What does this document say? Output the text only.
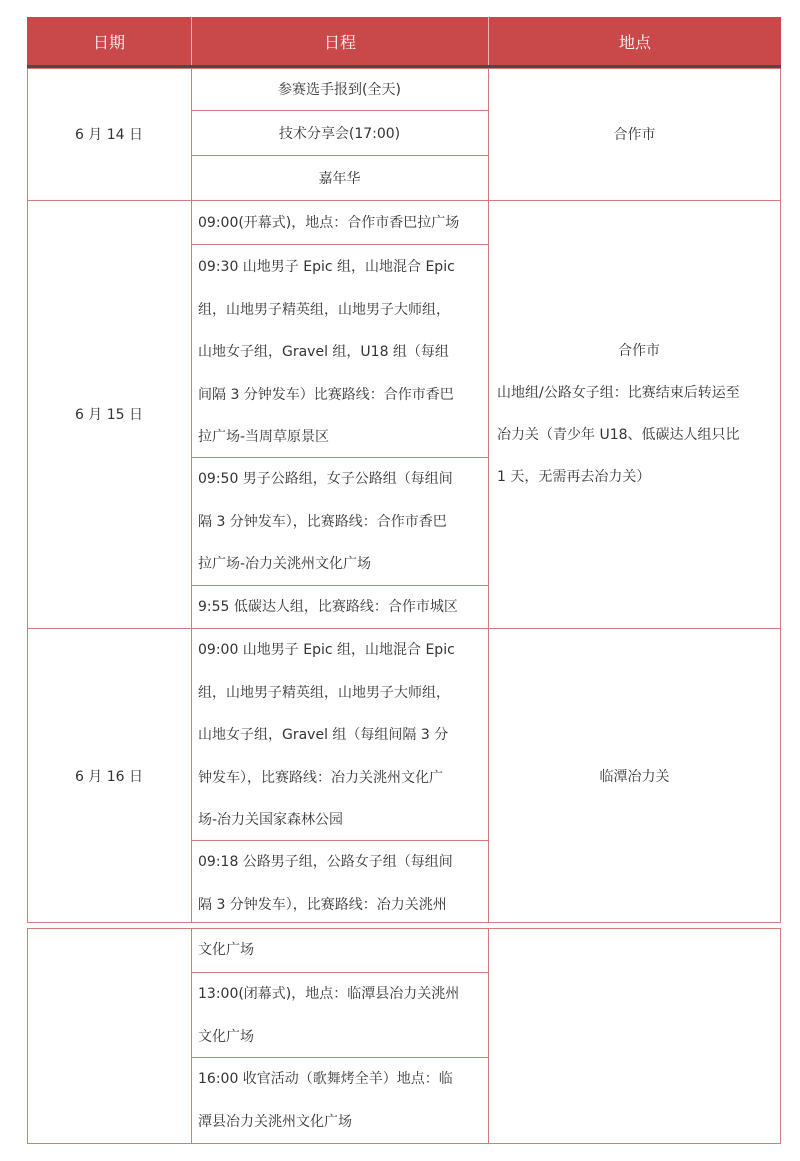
日期	日程	地点
6 月 14 日
参赛选手报到(全天)
技术分享会(17:00)
嘉年华
合作市
6 月 15 日
09:00(开幕式)，地点：合作市香巴拉广场
09:30 山地男子 Epic 组，山地混合 Epic
组，山地男子精英组，山地男子大师组，
山地女子组，Gravel 组，U18 组（每组
间隔 3 分钟发车）比赛路线：合作市香巴
拉广场-当周草原景区
09:50 男子公路组，女子公路组（每组间
隔 3 分钟发车），比赛路线：合作市香巴
拉广场-冶力关洮州文化广场
9:55 低碳达人组，比赛路线：合作市城区
合作市
山地组/公路女子组：比赛结束后转运至
冶力关（青少年 U18、低碳达人组只比
1 天，无需再去冶力关）
6 月 16 日
09:00 山地男子 Epic 组，山地混合 Epic
组，山地男子精英组，山地男子大师组，
山地女子组，Gravel 组（每组间隔 3 分
钟发车），比赛路线：冶力关洮州文化广
场-冶力关国家森林公园
09:18 公路男子组，公路女子组（每组间
隔 3 分钟发车），比赛路线：冶力关洮州
临潭冶力关
文化广场
13:00(闭幕式)，地点：临潭县冶力关洮州
文化广场
16:00 收官活动（歌舞烤全羊）地点：临
潭县冶力关洮州文化广场
